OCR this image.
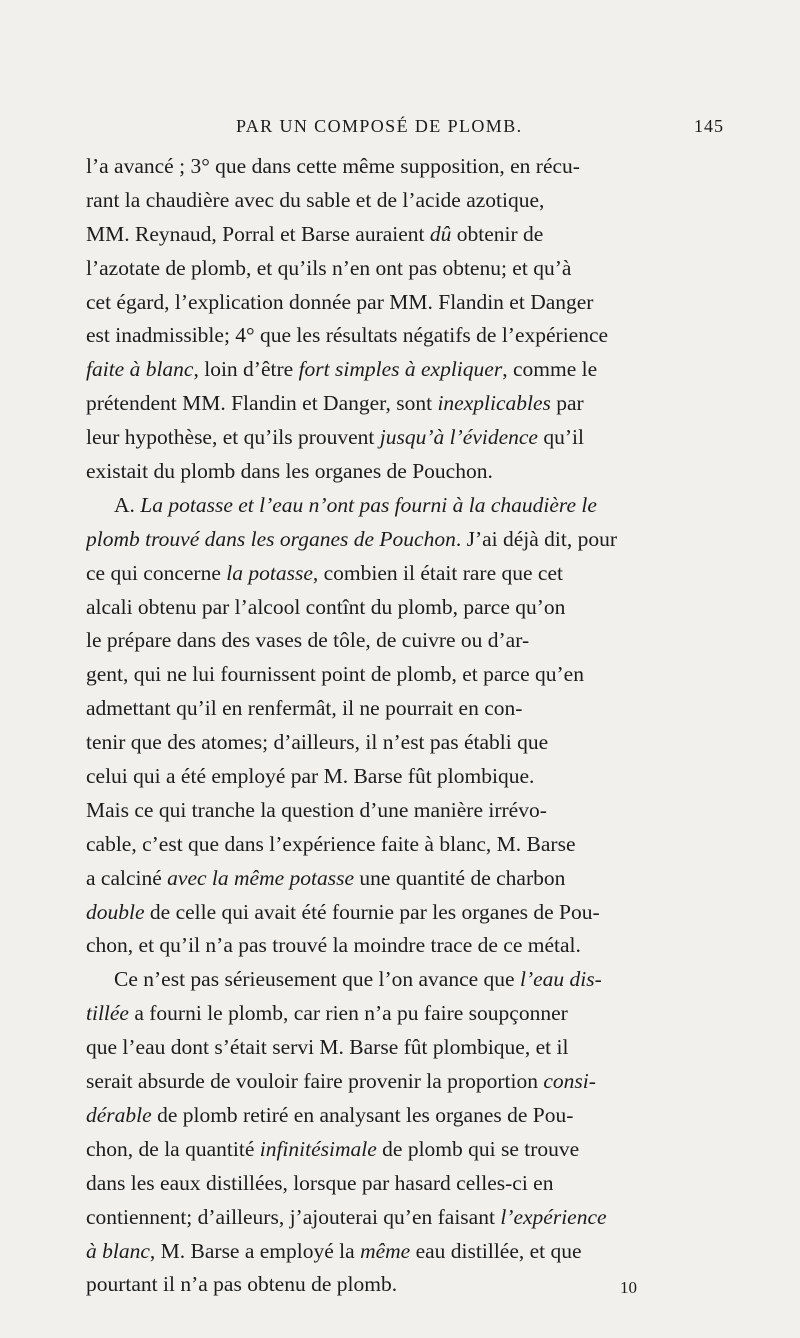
PAR UN COMPOSÉ DE PLOMB.	145
l’a avancé ; 3° que dans cette même supposition, en récu-
rant la chaudière avec du sable et de l’acide azotique,
MM. Reynaud, Porral et Barse auraient dû obtenir de
l’azotate de plomb, et qu’ils n’en ont pas obtenu; et qu’à
cet égard, l’explication donnée par MM. Flandin et Danger
est inadmissible; 4° que les résultats négatifs de l’expérience
faite à blanc, loin d’être fort simples à expliquer, comme le
prétendent MM. Flandin et Danger, sont inexplicables par
leur hypothèse, et qu’ils prouvent jusqu’à l’évidence qu’il
existait du plomb dans les organes de Pouchon.
A. La potasse et l’eau n’ont pas fourni à la chaudière le
plomb trouvé dans les organes de Pouchon. J’ai déjà dit, pour
ce qui concerne la potasse, combien il était rare que cet
alcali obtenu par l’alcool contînt du plomb, parce qu’on
le prépare dans des vases de tôle, de cuivre ou d’ar-
gent, qui ne lui fournissent point de plomb, et parce qu’en
admettant qu’il en renfermât, il ne pourrait en con-
tenir que des atomes; d’ailleurs, il n’est pas établi que
celui qui a été employé par M. Barse fût plombique.
Mais ce qui tranche la question d’une manière irrévo-
cable, c’est que dans l’expérience faite à blanc, M. Barse
a calciné avec la même potasse une quantité de charbon
double de celle qui avait été fournie par les organes de Pou-
chon, et qu’il n’a pas trouvé la moindre trace de ce métal.
Ce n’est pas sérieusement que l’on avance que l’eau dis-
tillée a fourni le plomb, car rien n’a pu faire soupçonner
que l’eau dont s’était servi M. Barse fût plombique, et il
serait absurde de vouloir faire provenir la proportion consi-
dérable de plomb retiré en analysant les organes de Pou-
chon, de la quantité infinitésimale de plomb qui se trouve
dans les eaux distillées, lorsque par hasard celles-ci en
contiennent; d’ailleurs, j’ajouterai qu’en faisant l’expérience
à blanc, M. Barse a employé la même eau distillée, et que
pourtant il n’a pas obtenu de plomb.	10
